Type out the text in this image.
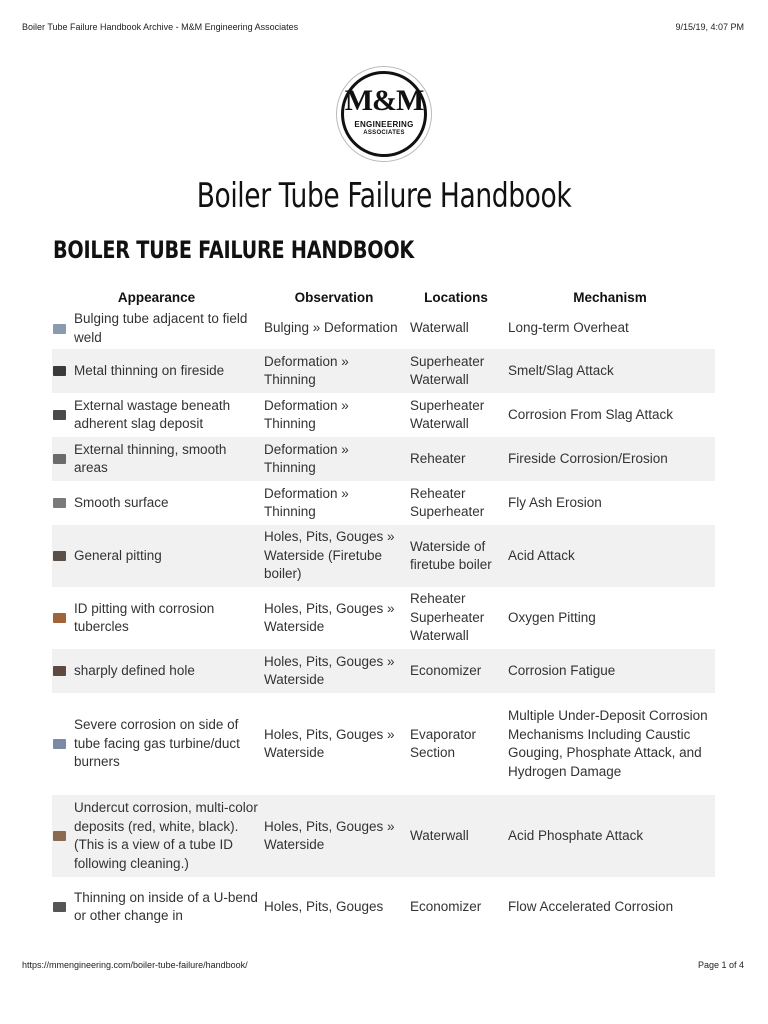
Boiler Tube Failure Handbook Archive - M&M Engineering Associates	9/15/19, 4:07 PM
M&M
ENGINEERING
ASSOCIATES
Boiler Tube Failure Handbook
BOILER TUBE FAILURE HANDBOOK
Appearance		Observation	Locations	Mechanism
	Bulging tube adjacent to field weld	Bulging » Deformation	Waterwall	Long-term Overheat
	Metal thinning on fireside	Deformation » Thinning	Superheater Waterwall	Smelt/Slag Attack
	External wastage beneath adherent slag deposit	Deformation » Thinning	Superheater Waterwall	Corrosion From Slag Attack
	External thinning, smooth areas	Deformation » Thinning	Reheater	Fireside Corrosion/Erosion
	Smooth surface	Deformation » Thinning	Reheater Superheater	Fly Ash Erosion
	General pitting	Holes, Pits, Gouges » Waterside (Firetube boiler)	Waterside of firetube boiler	Acid Attack
	ID pitting with corrosion tubercles	Holes, Pits, Gouges » Waterside	Reheater Superheater Waterwall	Oxygen Pitting
	sharply defined hole	Holes, Pits, Gouges » Waterside	Economizer	Corrosion Fatigue
	Severe corrosion on side of tube facing gas turbine/duct burners	Holes, Pits, Gouges » Waterside	Evaporator Section	Multiple Under-Deposit Corrosion Mechanisms Including Caustic Gouging, Phosphate Attack, and Hydrogen Damage
	Undercut corrosion, multi-color deposits (red, white, black). (This is a view of a tube ID following cleaning.)	Holes, Pits, Gouges » Waterside	Waterwall	Acid Phosphate Attack
	Thinning on inside of a U-bend or other change in	Holes, Pits, Gouges	Economizer	Flow Accelerated Corrosion
https://mmengineering.com/boiler-tube-failure/handbook/	Page 1 of 4
